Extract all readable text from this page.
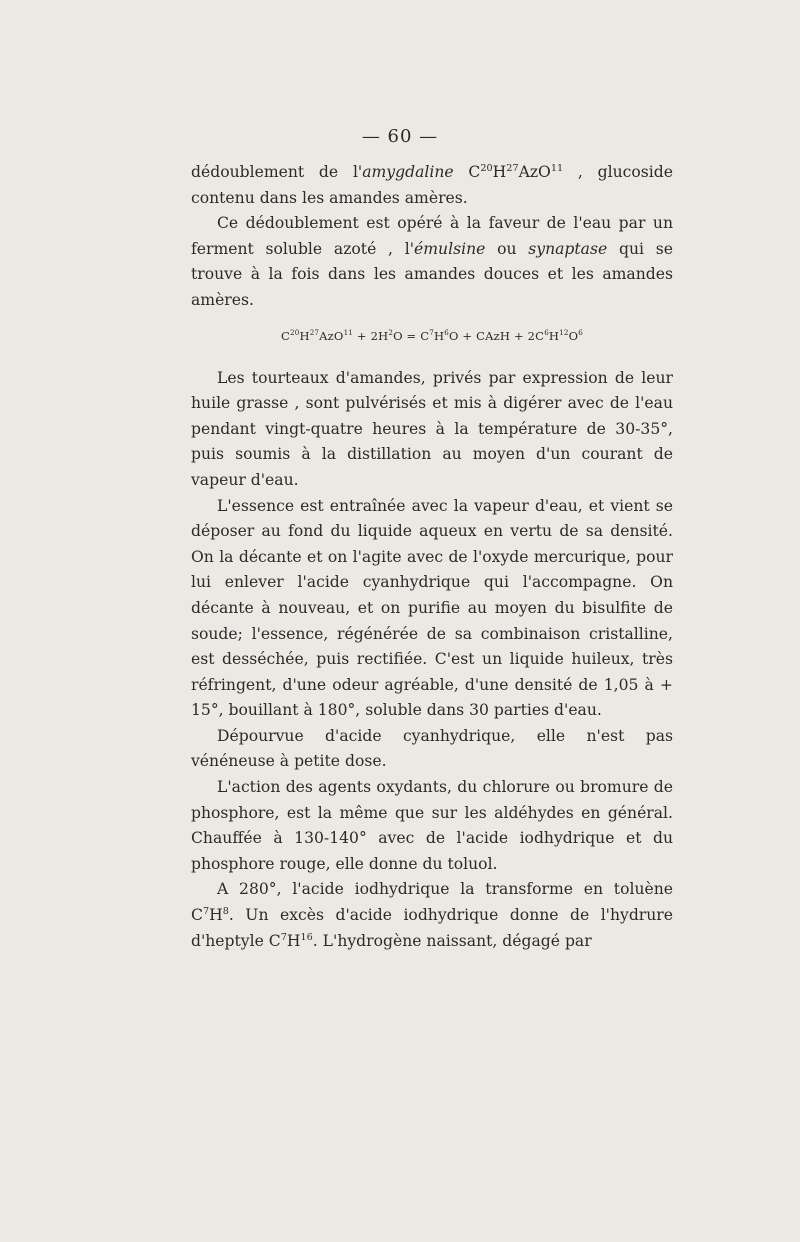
— 60 —

dédoublement de l'amygdaline $C^{20}H^{27}AzO^{11}$ , glucoside contenu dans les amandes amères.

Ce dédoublement est opéré à la faveur de l'eau par un ferment soluble azoté , l'émulsine ou synaptase qui se trouve à la fois dans les amandes douces et les amandes amères.

$C^{20}H^{27}AzO^{11} + 2H^2O = C^7H^6O$ + CAzH + $2C^6H^{12}O^6$

Les tourteaux d'amandes, privés par expression de leur huile grasse , sont pulvérisés et mis à digérer avec de l'eau pendant vingt-quatre heures à la température de 30-35°, puis soumis à la distillation au moyen d'un courant de vapeur d'eau.

L'essence est entraînée avec la vapeur d'eau, et vient se déposer au fond du liquide aqueux en vertu de sa densité. On la décante et on l'agite avec de l'oxyde mercurique, pour lui enlever l'acide cyanhydrique qui l'accompagne. On décante à nouveau, et on purifie au moyen du bisulfite de soude; l'essence, régénérée de sa combinaison cristalline, est desséchée, puis rectifiée. C'est un liquide huileux, très réfringent, d'une odeur agréable, d'une densité de 1,05 à + 15°, bouillant à 180°, soluble dans 30 parties d'eau.

Dépourvue d'acide cyanhydrique, elle n'est pas vénéneuse à petite dose.

L'action des agents oxydants, du chlorure ou bromure de phosphore, est la même que sur les aldéhydes en général. Chauffée à 130-140° avec de l'acide iodhydrique et du phosphore rouge, elle donne du toluol.

A 280°, l'acide iodhydrique la transforme en toluène $C^7H^8$. Un excès d'acide iodhydrique donne de l'hydrure d'heptyle $C^7H^{16}$. L'hydrogène naissant, dégagé par
